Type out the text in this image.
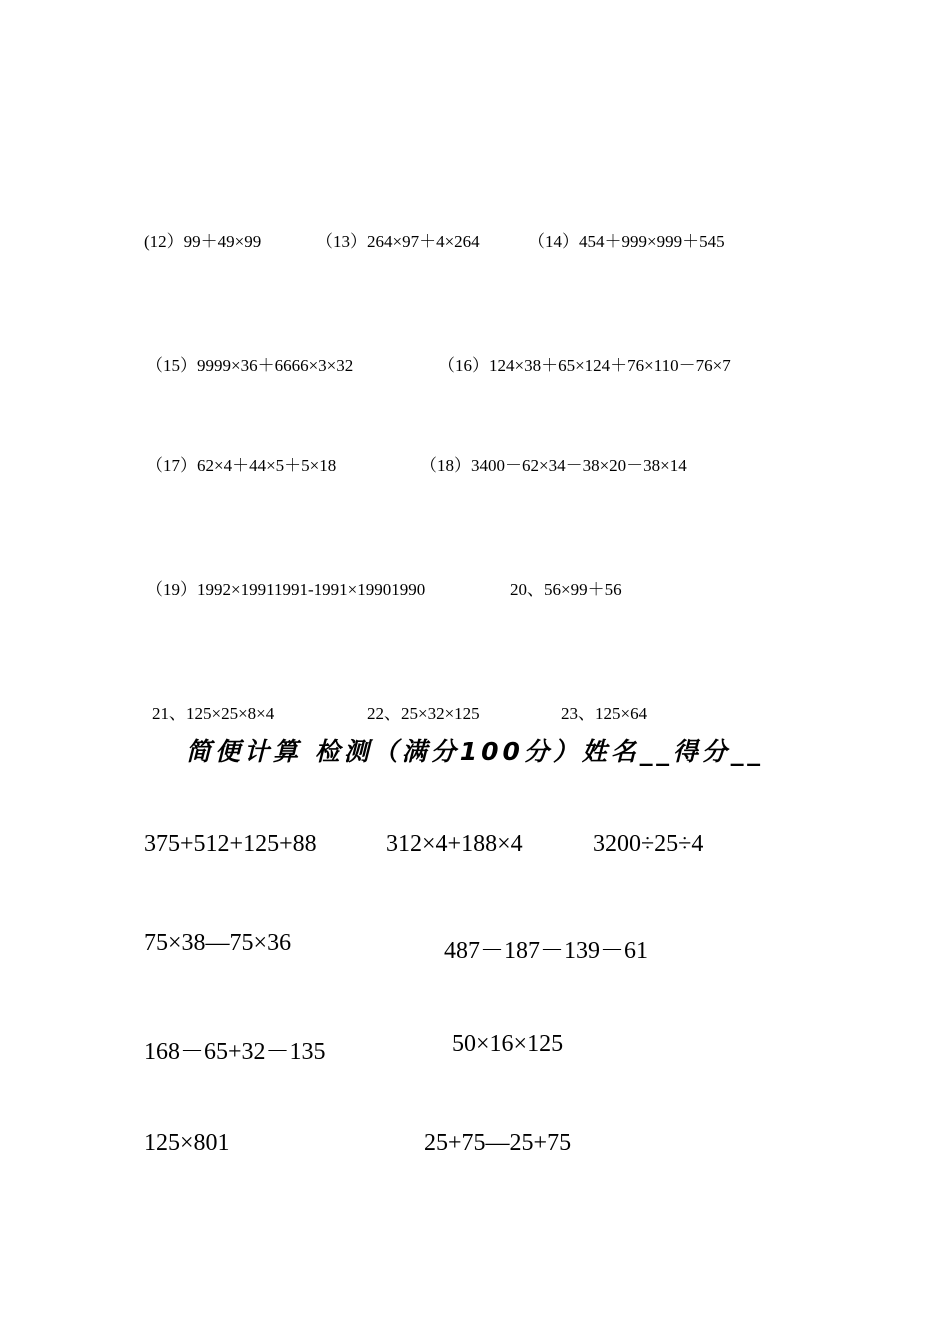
(12）99＋49×99	（13）264×97＋4×264	（14）454＋999×999＋545
（15）9999×36＋6666×3×32	（16）124×38＋65×124＋76×110－76×7
（17）62×4＋44×5＋5×18	（18）3400－62×34－38×20－38×14
（19）1992×19911991-1991×19901990	20、56×99＋56
21、125×25×8×4	22、25×32×125	23、125×64
简便计算 检测（满分100分）姓名__得分__
375+512+125+88	312×4+188×4	3200÷25÷4
75×38—75×36	487－187－139－61
168－65+32－135	50×16×125
125×801	25+75—25+75
